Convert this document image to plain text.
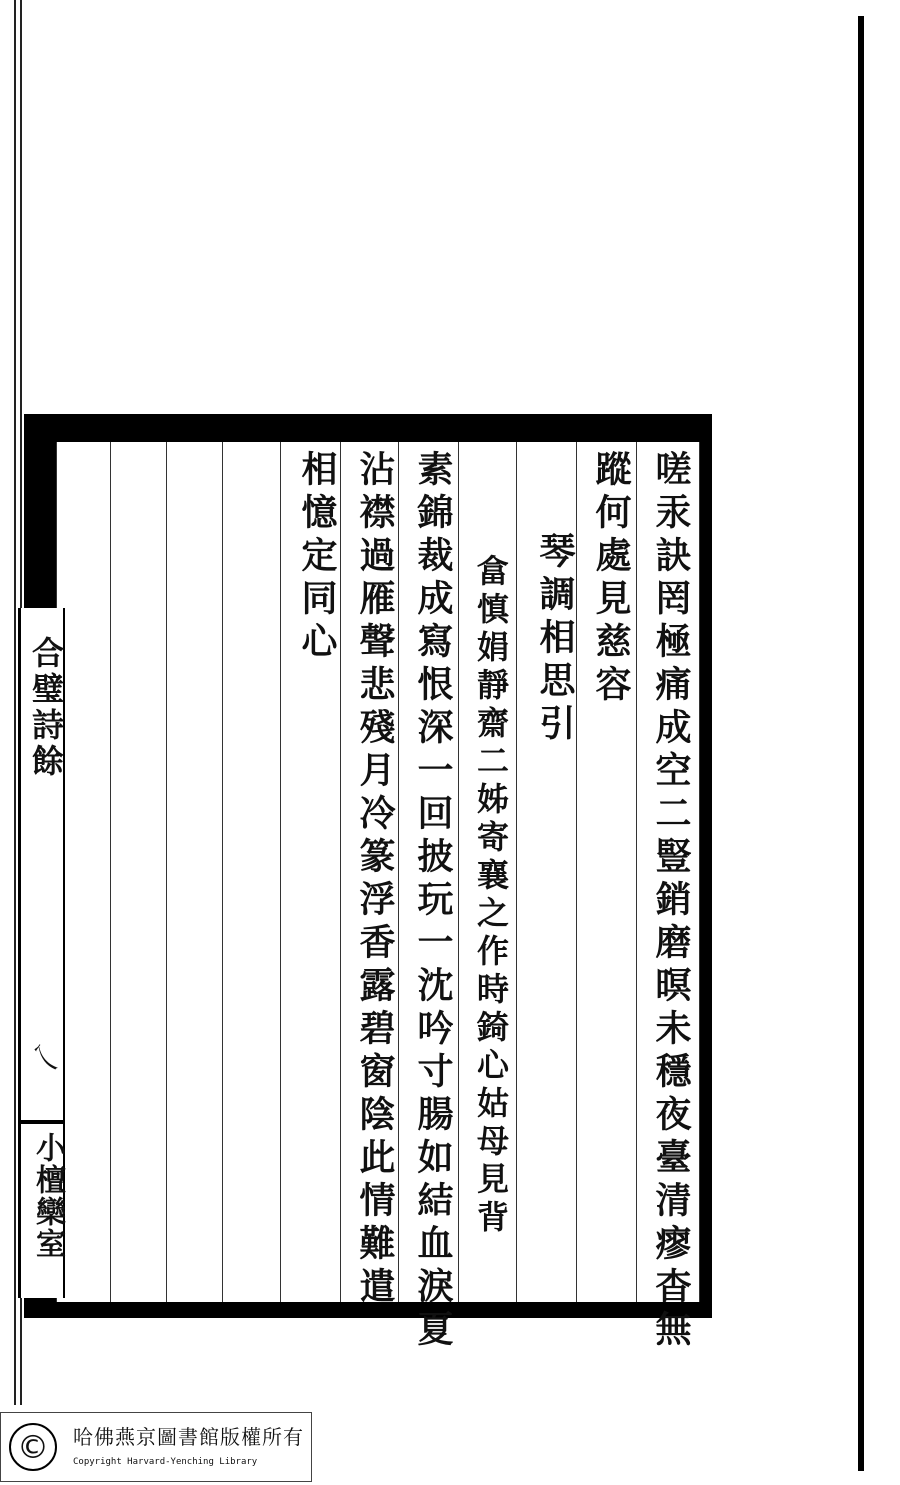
嗟汞訣罔極痛成空二豎銷磨暝未穩夜臺清瘳杳無
蹤何處見慈容
琴調相思引
畣慎娟靜齋二姊寄襄之作時錡心姑母見背
素錦裁成寫恨深一回披玩一沈吟寸腸如結血淚夏
沾襟過雁聲悲殘月冷篆浮香露碧窗陰此情難遣
相憶定同心
合璧詩餘
乀
小檀欒室
©	哈佛燕京圖書館版權所有
Copyright Harvard-Yenching Library
